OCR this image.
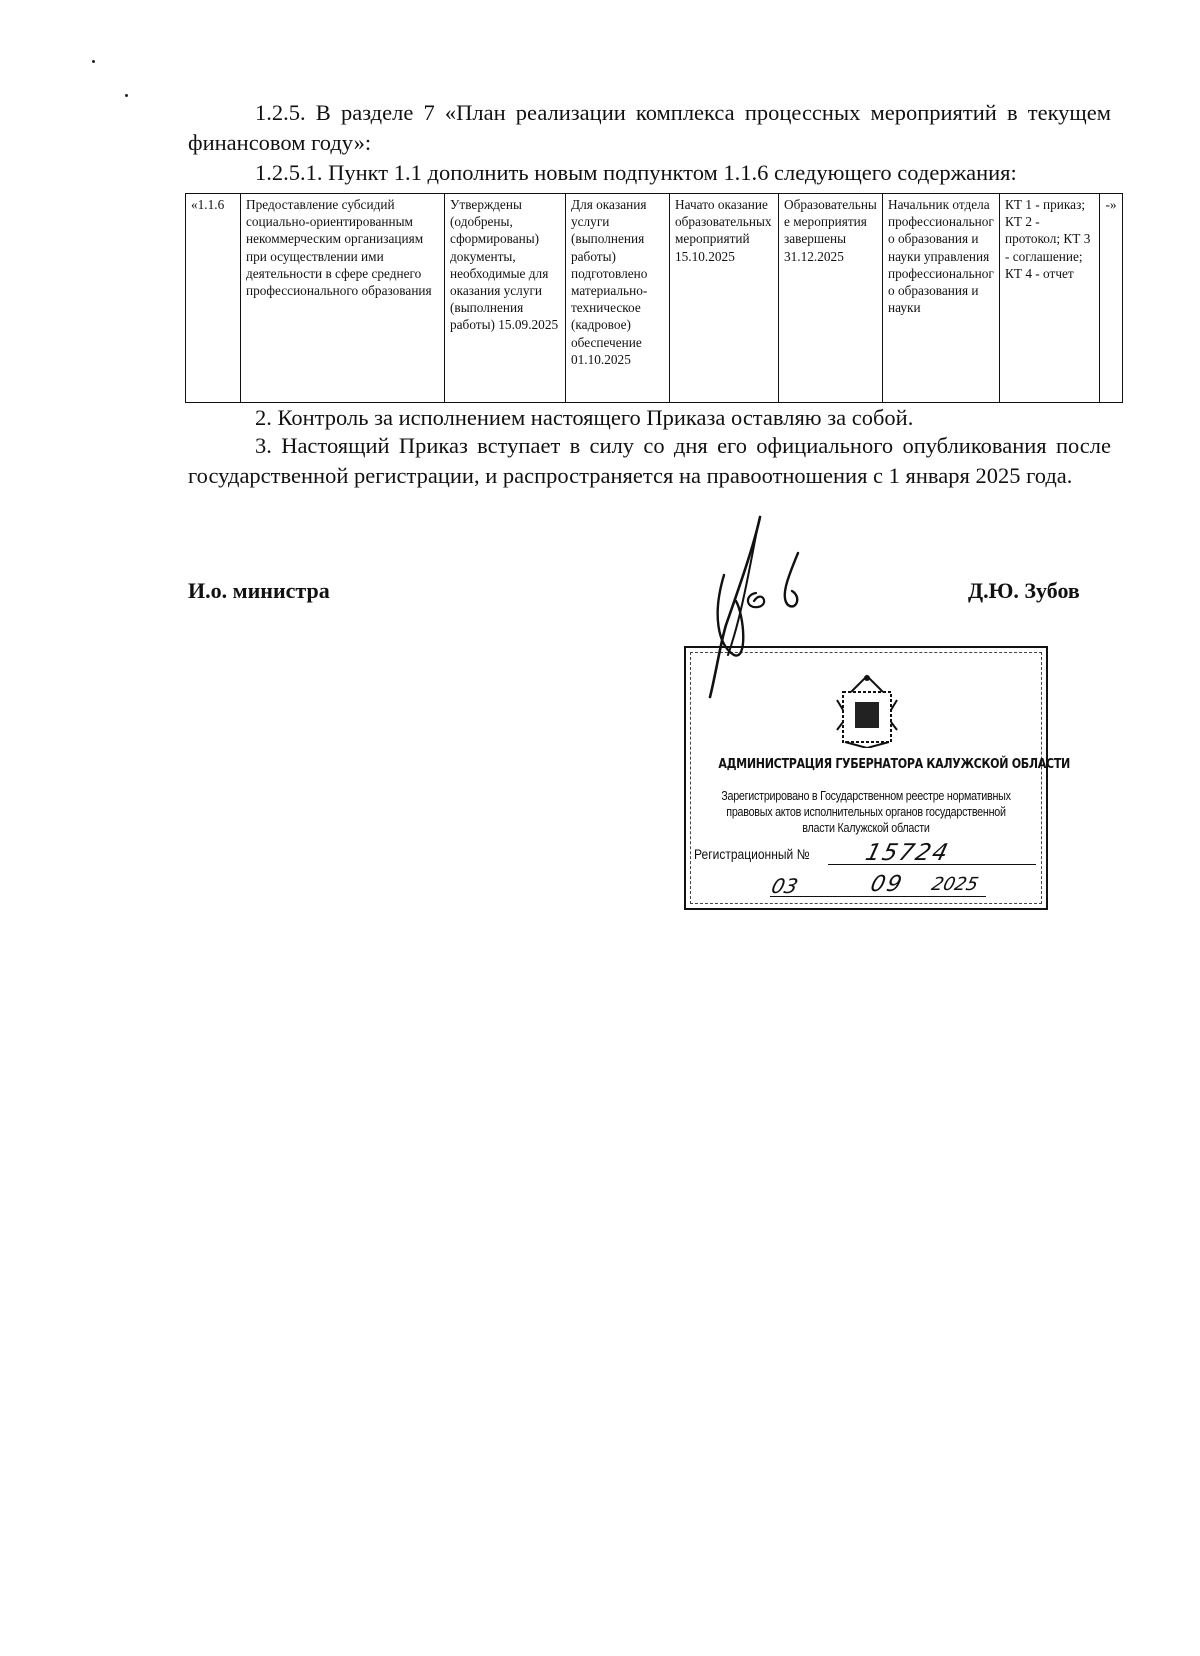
1.2.5. В разделе 7 «План реализации комплекса процессных мероприятий в текущем финансовом году»:

1.2.5.1. Пункт 1.1 дополнить новым подпунктом 1.1.6 следующего содержания:

«1.1.6	Предоставление субсидий социально-ориентированным некоммерческим организациям при осуществлении ими деятельности в сфере среднего профессионального образования	Утверждены (одобрены, сформированы) документы, необходимые для оказания услуги (выполнения работы) 15.09.2025	Для оказания услуги (выполнения работы) подготовлено материально-техническое (кадровое) обеспечение 01.10.2025	Начато оказание образовательных мероприятий 15.10.2025	Образовательные мероприятия завершены 31.12.2025	Начальник отдела профессионального образования и науки управления профессионального образования и науки	КТ 1 - приказ; КТ 2 - протокол; КТ 3 - соглашение; КТ 4 - отчет	-»

2. Контроль за исполнением настоящего Приказа оставляю за собой.

3. Настоящий Приказ вступает в силу со дня его официального опубликования после государственной регистрации, и распространяется на правоотношения с 1 января 2025 года.

И.о. министра	Д.Ю. Зубов
АДМИНИСТРАЦИЯ ГУБЕРНАТОРА КАЛУЖСКОЙ ОБЛАСТИ
Зарегистрировано в Государственном реестре нормативных правовых актов исполнительных органов государственной власти Калужской области
Регистрационный № 15724
03	09 2025
